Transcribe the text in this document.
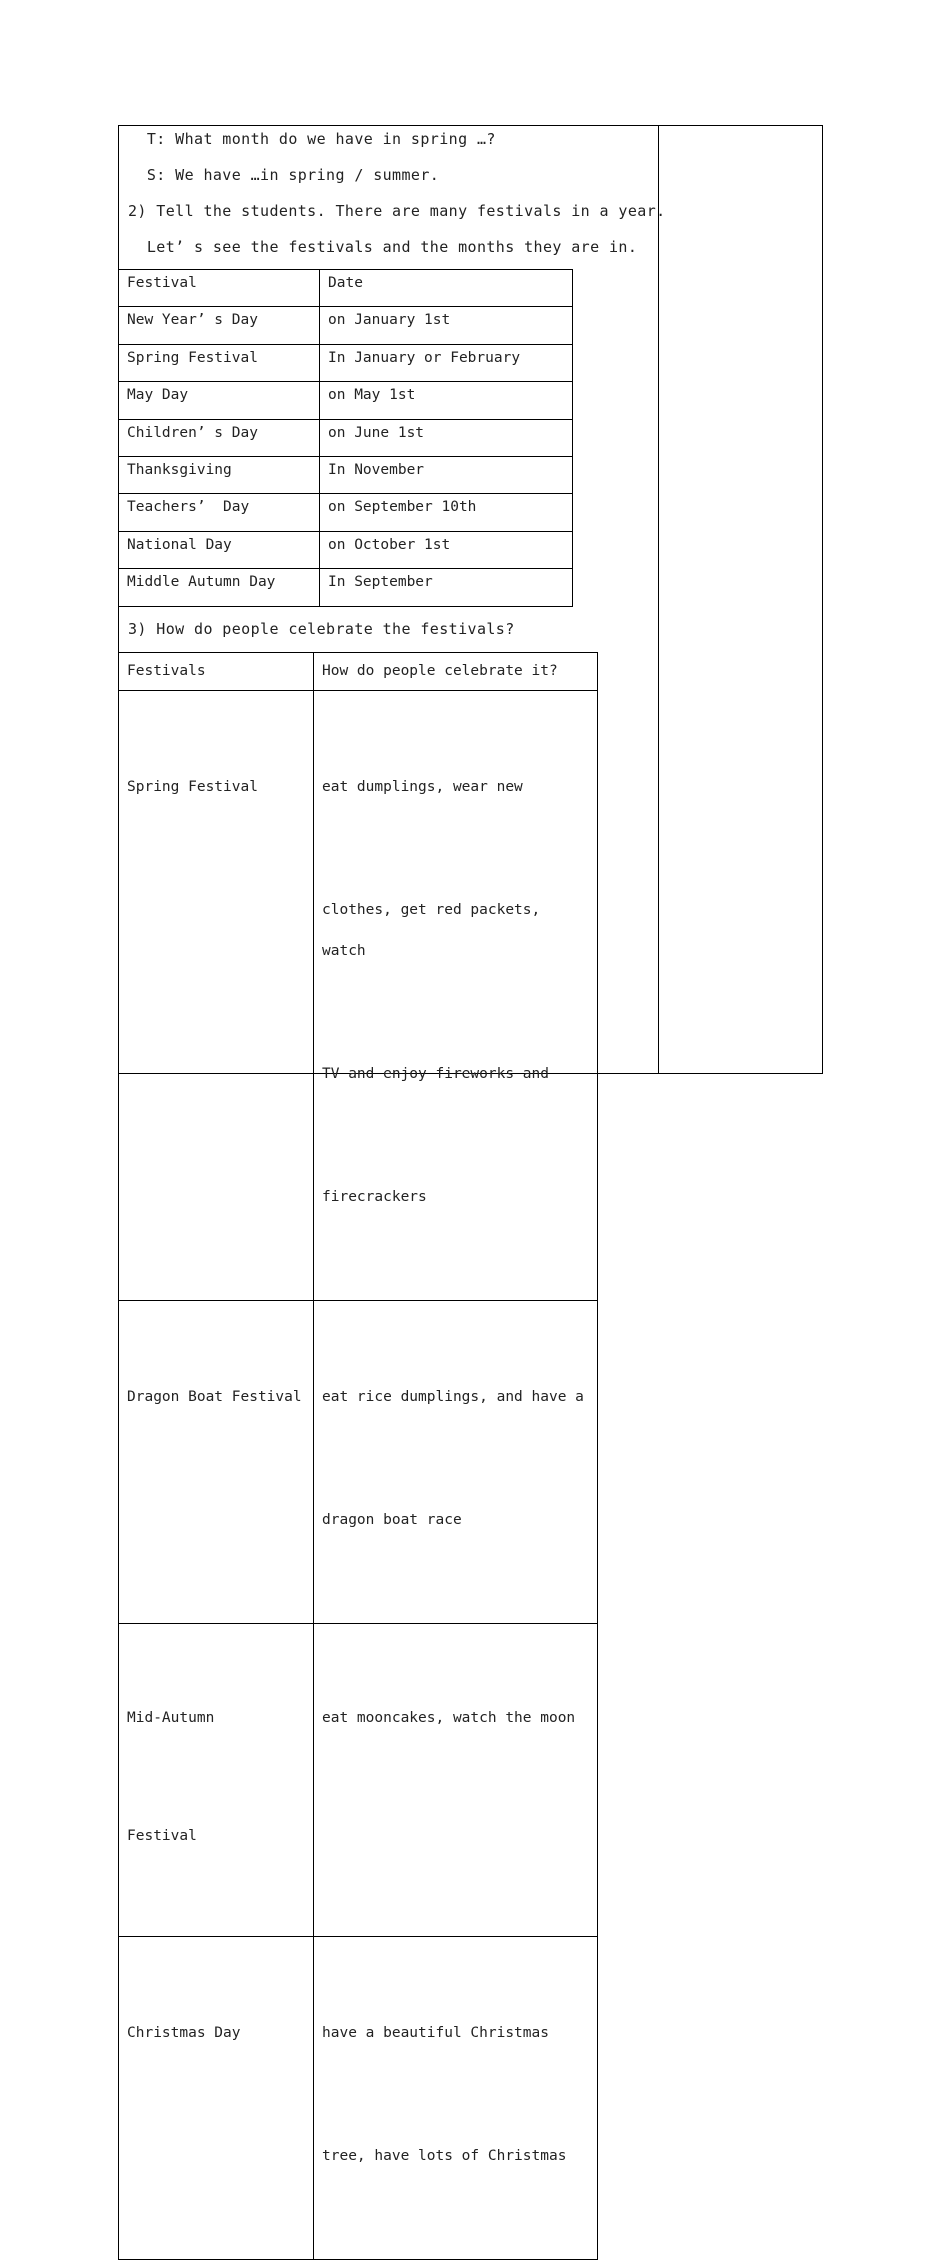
T: What month do we have in spring …?
S: We have …in spring / summer.
2) Tell the students. There are many festivals in a year.
Let’ s see the festivals and the months they are in.
Festival	Date
New Year’ s Day	on January 1st
Spring Festival	In January or February
May Day	on May 1st
Children’ s Day	on June 1st
Thanksgiving	In November
Teachers’  Day	on September 10th
National Day	on October 1st
Middle Autumn Day	In September
3) How do people celebrate the festivals?
Festivals	How do people celebrate it?

Spring Festival	eat dumplings, wear new

clothes, get red packets, watch

TV and enjoy fireworks and

firecrackers

Dragon Boat Festival	eat rice dumplings, and have a

dragon boat race

Mid-Autumn

Festival	eat mooncakes, watch the moon

Christmas Day	have a beautiful Christmas

tree, have lots of Christmas
